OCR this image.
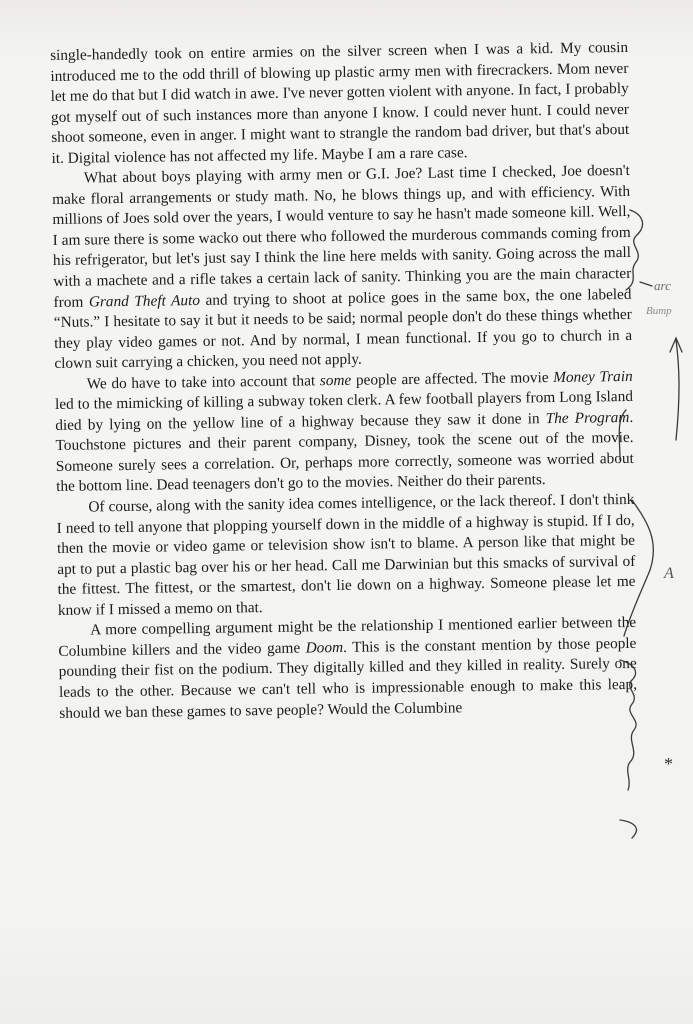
single-handedly took on entire armies on the silver screen when I was a kid. My cousin introduced me to the odd thrill of blowing up plastic army men with firecrackers. Mom never let me do that but I did watch in awe. I've never gotten violent with anyone. In fact, I probably got myself out of such instances more than anyone I know. I could never hunt. I could never shoot someone, even in anger. I might want to strangle the random bad driver, but that's about it. Digital violence has not affected my life. Maybe I am a rare case.

What about boys playing with army men or G.I. Joe? Last time I checked, Joe doesn't make floral arrangements or study math. No, he blows things up, and with efficiency. With millions of Joes sold over the years, I would venture to say he hasn't made someone kill. Well, I am sure there is some wacko out there who followed the murderous commands coming from his refrigerator, but let's just say I think the line here melds with sanity. Going across the mall with a machete and a rifle takes a certain lack of sanity. Thinking you are the main character from Grand Theft Auto and trying to shoot at police goes in the same box, the one labeled “Nuts.” I hesitate to say it but it needs to be said; normal people don't do these things whether they play video games or not. And by normal, I mean functional. If you go to church in a clown suit carrying a chicken, you need not apply.

We do have to take into account that some people are affected. The movie Money Train led to the mimicking of killing a subway token clerk. A few football players from Long Island died by lying on the yellow line of a highway because they saw it done in The Program. Touchstone pictures and their parent company, Disney, took the scene out of the movie. Someone surely sees a correlation. Or, perhaps more correctly, someone was worried about the bottom line. Dead teenagers don't go to the movies. Neither do their parents.

Of course, along with the sanity idea comes intelligence, or the lack thereof. I don't think I need to tell anyone that plopping yourself down in the middle of a highway is stupid. If I do, then the movie or video game or television show isn't to blame. A person like that might be apt to put a plastic bag over his or her head. Call me Darwinian but this smacks of survival of the fittest. The fittest, or the smartest, don't lie down on a highway. Someone please let me know if I missed a memo on that.

A more compelling argument might be the relationship I mentioned earlier between the Columbine killers and the video game Doom. This is the constant mention by those people pounding their fist on the podium. They digitally killed and they killed in reality. Surely one leads to the other. Because we can't tell who is impressionable enough to make this leap, should we ban these games to save people? Would the Columbine

arc
Bump
A
*
